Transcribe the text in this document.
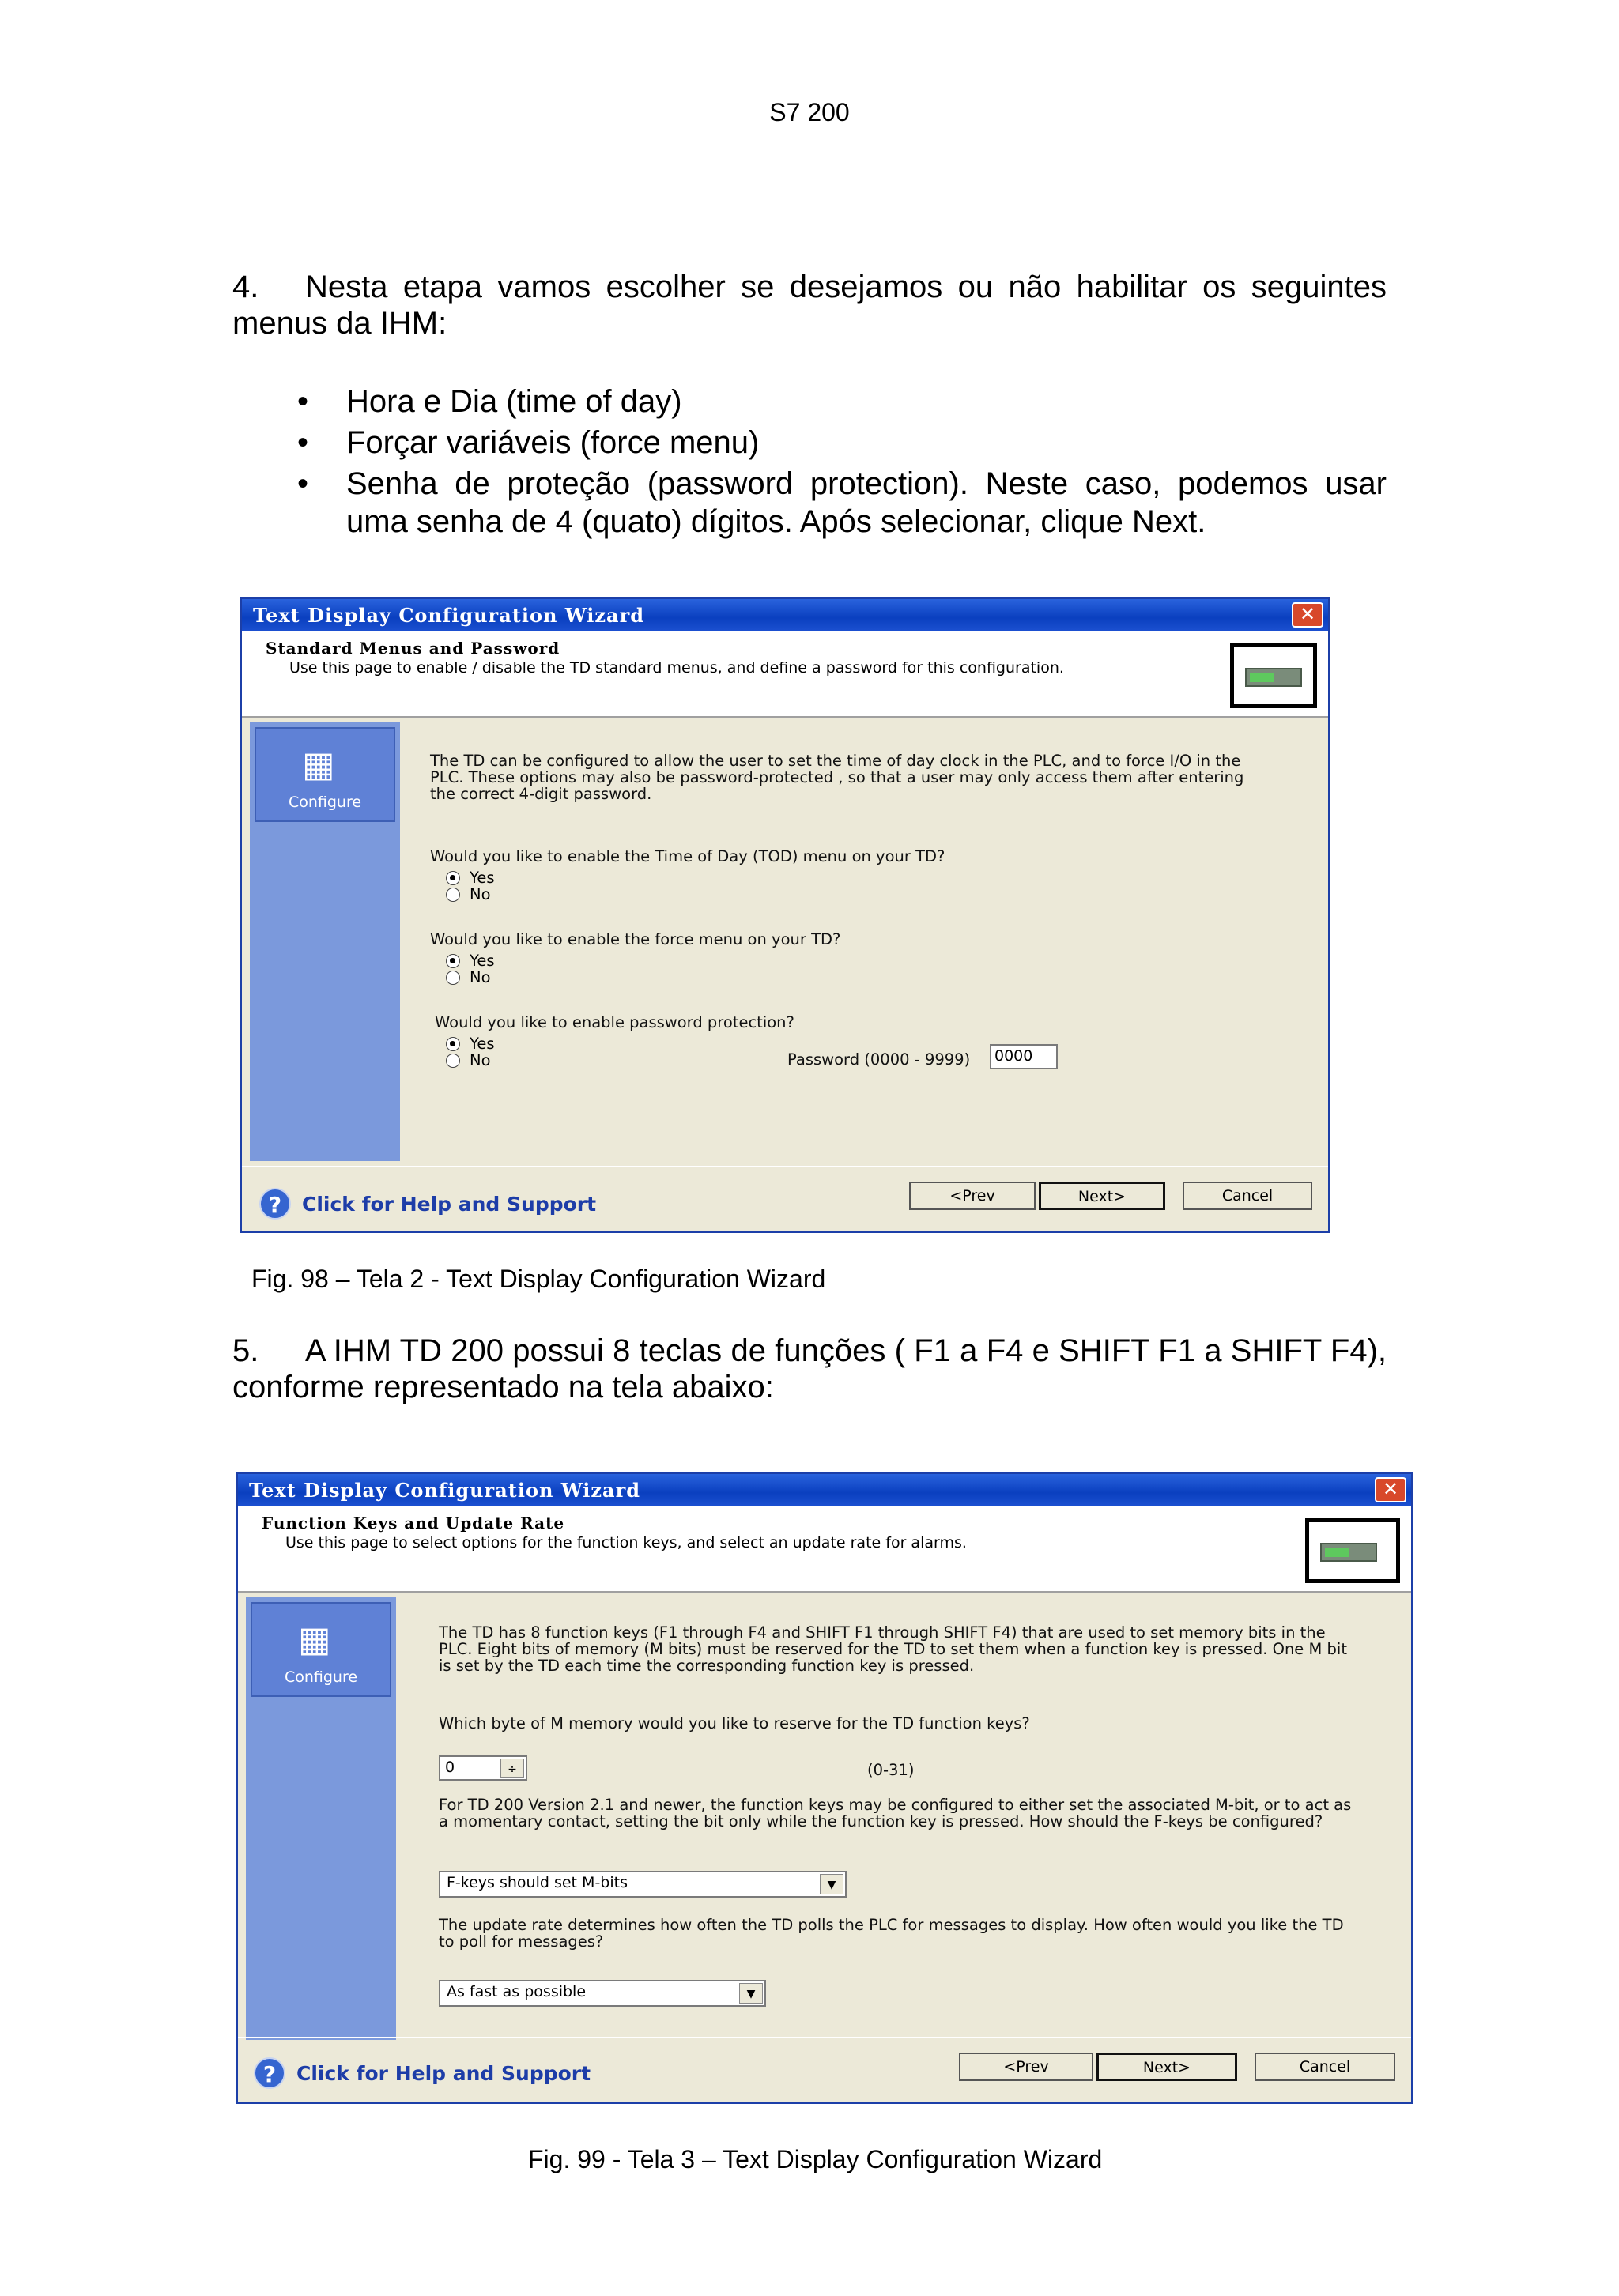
S7 200
4. Nesta etapa vamos escolher se desejamos ou não habilitar os seguintes menus da IHM:
• Hora e Dia (time of day)
• Forçar variáveis (force menu)
• Senha de proteção (password protection). Neste caso, podemos usar uma senha de 4 (quato) dígitos. Após selecionar, clique Next.
Text Display Configuration Wizard	✕
Standard Menus and Password
Use this page to enable / disable the TD standard menus, and define a password for this configuration.
▦
Configure
The TD can be configured to allow the user to set the time of day clock in the PLC, and to force I/O in the PLC. These options may also be password-protected , so that a user may only access them after entering the correct 4-digit password.
Would you like to enable the Time of Day (TOD) menu on your TD?
Yes
No
Would you like to enable the force menu on your TD?
Yes
No
Would you like to enable password protection?
Yes
No	Password (0000 - 9999)	0000
?	Click for Help and Support	<Prev	Next>	Cancel
Fig. 98 – Tela 2 - Text Display Configuration Wizard
5. A IHM TD 200 possui 8 teclas de funções ( F1 a F4 e SHIFT F1 a SHIFT F4), conforme representado na tela abaixo:
Text Display Configuration Wizard	✕
Function Keys and Update Rate
Use this page to select options for the function keys, and select an update rate for alarms.
▦
Configure
The TD has 8 function keys (F1 through F4 and SHIFT F1 through SHIFT F4) that are used to set memory bits in the PLC. Eight bits of memory (M bits) must be reserved for the TD to set them when a function key is pressed. One M bit is set by the TD each time the corresponding function key is pressed.
Which byte of M memory would you like to reserve for the TD function keys?
0	÷	(0-31)
For TD 200 Version 2.1 and newer, the function keys may be configured to either set the associated M-bit, or to act as a momentary contact, setting the bit only while the function key is pressed. How should the F-keys be configured?
F-keys should set M-bits	▼
The update rate determines how often the TD polls the PLC for messages to display. How often would you like the TD to poll for messages?
As fast as possible	▼
?	Click for Help and Support	<Prev	Next>	Cancel
Fig. 99 - Tela 3 – Text Display Configuration Wizard
